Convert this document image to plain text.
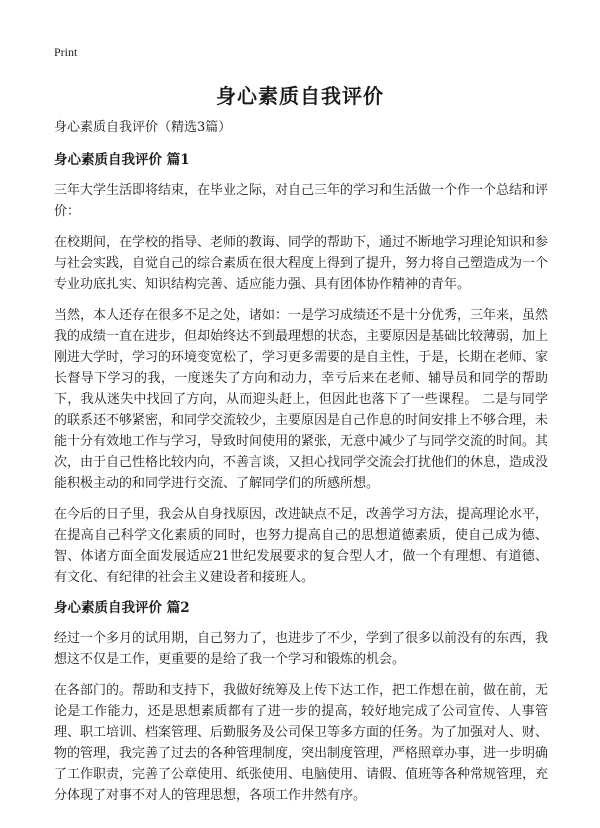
Print
身心素质自我评价
身心素质自我评价（精选3篇）
身心素质自我评价 篇1

三年大学生活即将结束，在毕业之际，对自己三年的学习和生活做一个作一个总结和评价：

在校期间，在学校的指导、老师的教诲、同学的帮助下，通过不断地学习理论知识和参与社会实践，自觉自己的综合素质在很大程度上得到了提升，努力将自己塑造成为一个专业功底扎实、知识结构完善、适应能力强、具有团体协作精神的青年。

当然，本人还存在很多不足之处，诸如：一是学习成绩还不是十分优秀，三年来，虽然我的成绩一直在进步，但却始终达不到最理想的状态，主要原因是基础比较薄弱，加上刚进大学时，学习的环境变宽松了，学习更多需要的是自主性，于是，长期在老师、家长督导下学习的我，一度迷失了方向和动力，幸亏后来在老师、辅导员和同学的帮助下，我从迷失中找回了方向，从而迎头赶上，但因此也落下了一些课程。 二是与同学的联系还不够紧密，和同学交流较少，主要原因是自己作息的时间安排上不够合理，未能十分有效地工作与学习，导致时间使用的紧张，无意中减少了与同学交流的时间。其次，由于自己性格比较内向，不善言谈，又担心找同学交流会打扰他们的休息，造成没能积极主动的和同学进行交流、了解同学们的所感所想。

在今后的日子里，我会从自身找原因，改进缺点不足，改善学习方法，提高理论水平，在提高自己科学文化素质的同时，也努力提高自己的思想道德素质，使自己成为德、智、体诸方面全面发展适应21世纪发展要求的复合型人才，做一个有理想、有道德、有文化、有纪律的社会主义建设者和接班人。

身心素质自我评价 篇2

经过一个多月的试用期，自己努力了，也进步了不少，学到了很多以前没有的东西，我想这不仅是工作，更重要的是给了我一个学习和锻炼的机会。

在各部门的。帮助和支持下，我做好统筹及上传下达工作，把工作想在前，做在前，无论是工作能力，还是思想素质都有了进一步的提高，较好地完成了公司宣传、人事管理、职工培训、档案管理、后勤服务及公司保卫等多方面的任务。为了加强对人、财、物的管理，我完善了过去的各种管理制度，突出制度管理，严格照章办事，进一步明确了工作职责，完善了公章使用、纸张使用、电脑使用、请假、值班等各种常规管理，充分体现了对事不对人的管理思想，各项工作井然有序。
